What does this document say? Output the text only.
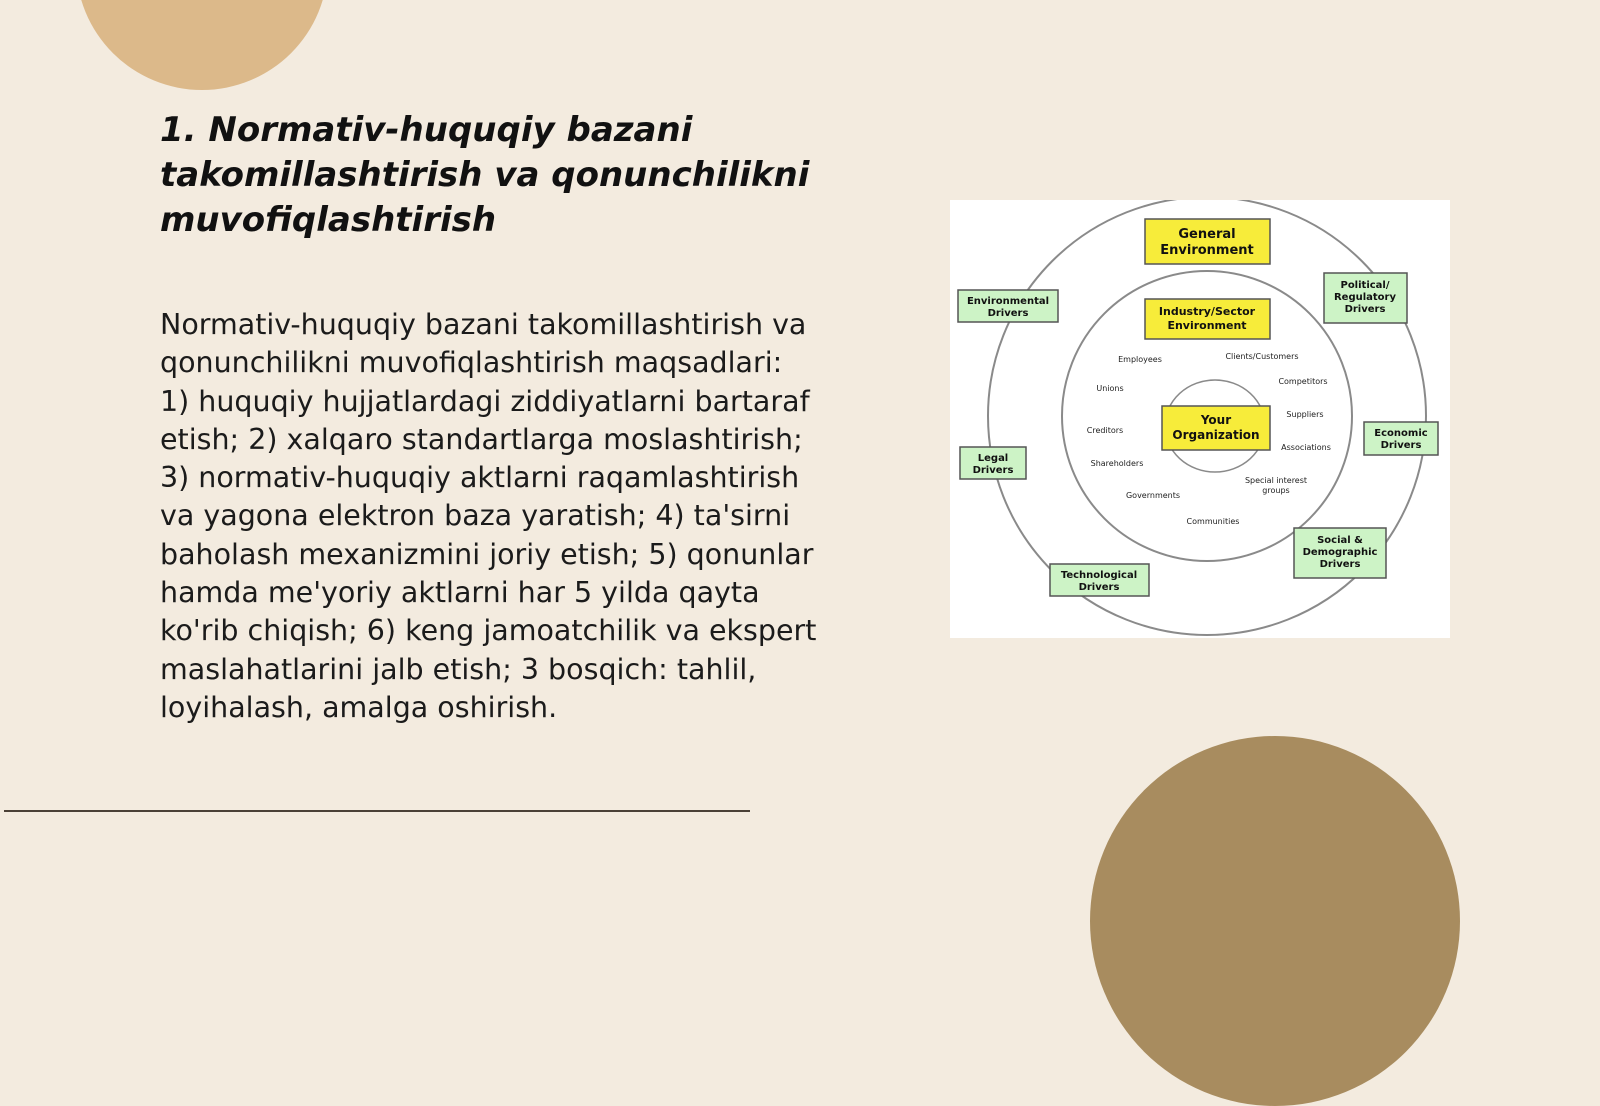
1. Normativ-huquqiy bazani takomillashtirish va qonunchilikni muvofiqlashtirish

Normativ-huquqiy bazani takomillashtirish va qonunchilikni muvofiqlashtirish maqsadlari: 1) huquqiy hujjatlardagi ziddiyatlarni bartaraf etish; 2) xalqaro standartlarga moslashtirish; 3) normativ-huquqiy aktlarni raqamlashtirish va yagona elektron baza yaratish; 4) ta'sirni baholash mexanizmini joriy etish; 5) qonunlar hamda me'yoriy aktlarni har 5 yilda qayta ko'rib chiqish; 6) keng jamoatchilik va ekspert maslahatlarini jalb etish; 3 bosqich: tahlil, loyihalash, amalga oshirish.

General
Environment
Industry/Sector
Environment
Your
Organization
Environmental
Drivers
Political/
Regulatory
Drivers
Economic
Drivers
Legal
Drivers
Social &
Demographic
Drivers
Technological
Drivers
Employees	Clients/Customers
Unions
Competitors
Creditors
Suppliers
Associations
Shareholders
Special interest
groups
Governments
Communities
